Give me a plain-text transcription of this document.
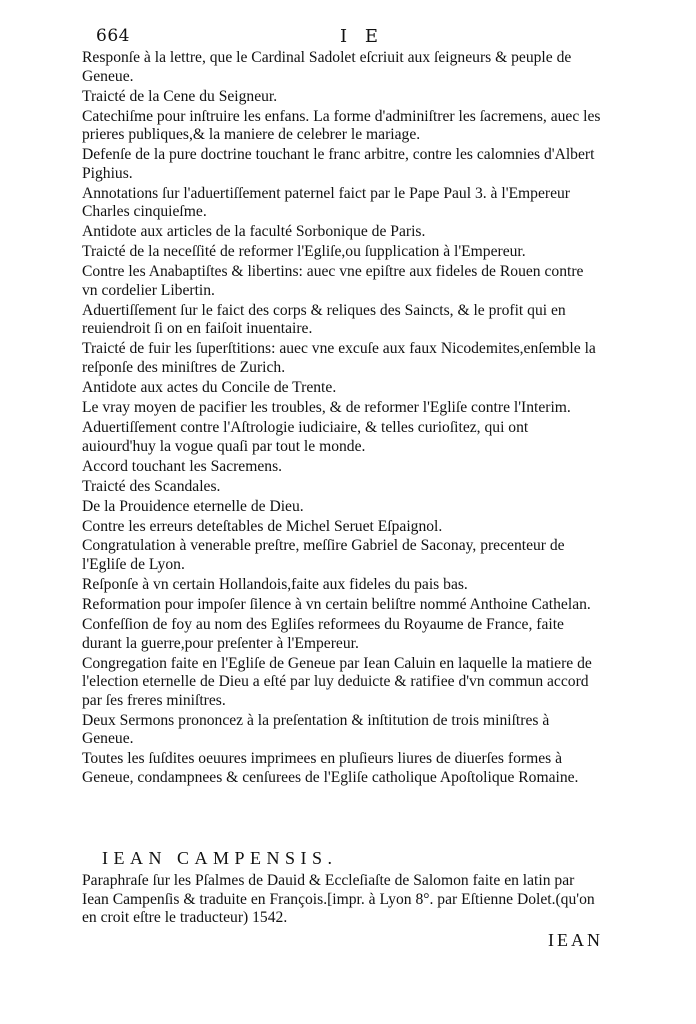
664	I E
Responſe à la lettre, que le Cardinal Sadolet eſcriuit aux ſeigneurs & peuple de Geneue.
Traicté de la Cene du Seigneur.
Catechiſme pour inſtruire les enfans. La forme d'adminiſtrer les ſacremens, auec les prieres publiques,& la maniere de celebrer le mariage.
Defenſe de la pure doctrine touchant le franc arbitre, contre les calomnies d'Albert Pighius.
Annotations ſur l'aduertiſſement paternel faict par le Pape Paul 3. à l'Empereur Charles cinquieſme.
Antidote aux articles de la faculté Sorbonique de Paris.
Traicté de la neceſſité de reformer l'Egliſe,ou ſupplication à l'Empereur.
Contre les Anabaptiſtes & libertins: auec vne epiſtre aux fideles de Rouen contre vn cordelier Libertin.
Aduertiſſement ſur le faict des corps & reliques des Saincts, & le profit qui en reuiendroit ſi on en faiſoit inuentaire.
Traicté de fuir les ſuperſtitions: auec vne excuſe aux faux Nicodemites,enſemble la reſponſe des miniſtres de Zurich.
Antidote aux actes du Concile de Trente.
Le vray moyen de pacifier les troubles, & de reformer l'Egliſe contre l'Interim.
Aduertiſſement contre l'Aſtrologie iudiciaire, & telles curioſitez, qui ont auiourd'huy la vogue quaſi par tout le monde.
Accord touchant les Sacremens.
Traicté des Scandales.
De la Prouidence eternelle de Dieu.
Contre les erreurs deteſtables de Michel Seruet Eſpaignol.
Congratulation à venerable preſtre, meſſire Gabriel de Saconay, precenteur de l'Egliſe de Lyon.
Reſponſe à vn certain Hollandois,faite aux fideles du pais bas.
Reformation pour impoſer ſilence à vn certain beliſtre nommé Anthoine Cathelan.
Confeſſion de foy au nom des Egliſes reformees du Royaume de France, faite durant la guerre,pour preſenter à l'Empereur.
Congregation faite en l'Egliſe de Geneue par Iean Caluin en laquelle la matiere de l'election eternelle de Dieu a eſté par luy deduicte & ratifiee d'vn commun accord par ſes freres miniſtres.
Deux Sermons prononcez à la preſentation & inſtitution de trois miniſtres à Geneue.
Toutes les ſuſdites oeuures imprimees en pluſieurs liures de diuerſes formes à Geneue, condampnees & cenſurees de l'Egliſe catholique Apoſtolique Romaine.
IEAN CAMPENSIS.

Paraphraſe ſur les Pſalmes de Dauid & Eccleſiaſte de Salomon faite en latin par Iean Campenſis & traduite en François.[impr. à Lyon 8°. par Eſtienne Dolet.(qu'on en croit eſtre le traducteur) 1542.

IEAN
